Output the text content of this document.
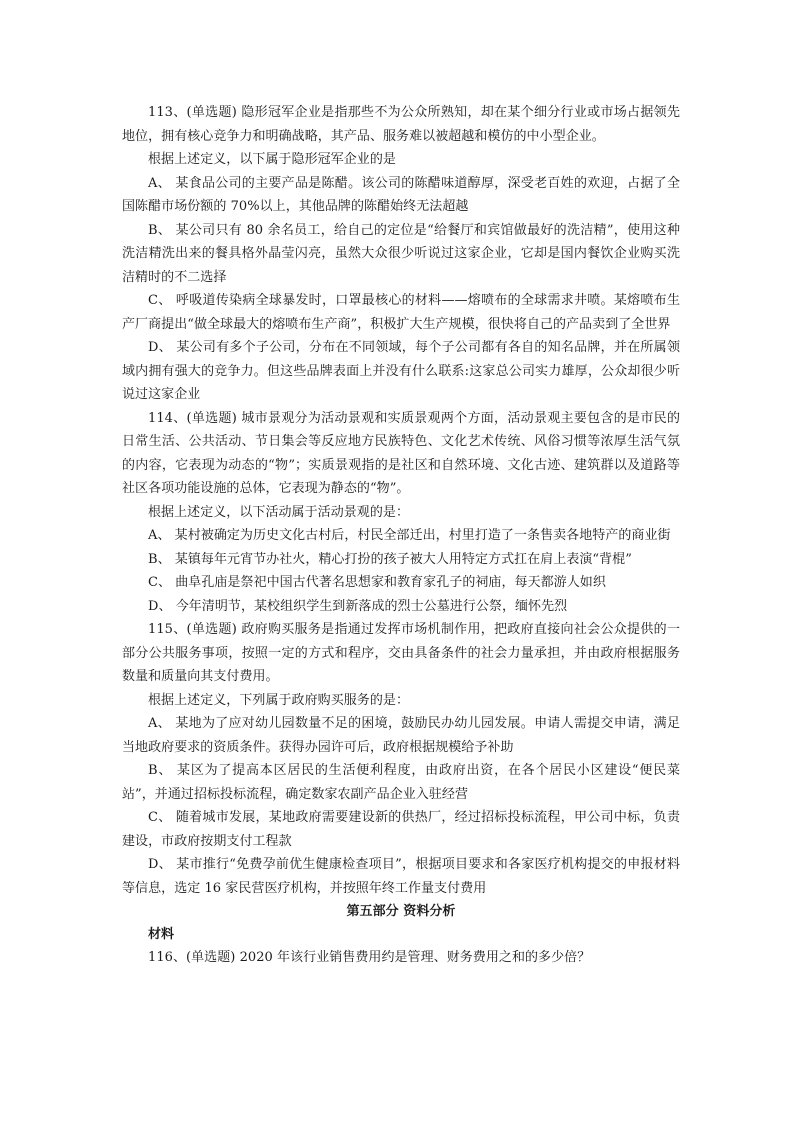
113、(单选题) 隐形冠军企业是指那些不为公众所熟知，却在某个细分行业或市场占据领先地位，拥有核心竞争力和明确战略，其产品、服务难以被超越和模仿的中小型企业。

根据上述定义，以下属于隐形冠军企业的是

A、 某食品公司的主要产品是陈醋。该公司的陈醋味道醇厚，深受老百姓的欢迎，占据了全国陈醋市场份额的 70%以上，其他品牌的陈醋始终无法超越

B、 某公司只有 80 余名员工，给自己的定位是“给餐厅和宾馆做最好的洗洁精”，使用这种洗洁精洗出来的餐具格外晶莹闪亮，虽然大众很少听说过这家企业，它却是国内餐饮企业购买洗洁精时的不二选择

C、 呼吸道传染病全球暴发时，口罩最核心的材料——熔喷布的全球需求井喷。某熔喷布生产厂商提出“做全球最大的熔喷布生产商”，积极扩大生产规模，很快将自己的产品卖到了全世界

D、 某公司有多个子公司，分布在不同领域，每个子公司都有各自的知名品牌，并在所属领域内拥有强大的竞争力。但这些品牌表面上并没有什么联系:这家总公司实力雄厚，公众却很少听说过这家企业

114、(单选题) 城市景观分为活动景观和实质景观两个方面，活动景观主要包含的是市民的日常生活、公共活动、节日集会等反应地方民族特色、文化艺术传统、风俗习惯等浓厚生活气氛的内容，它表现为动态的“物”；实质景观指的是社区和自然环境、文化古迹、建筑群以及道路等社区各项功能设施的总体，它表现为静态的“物”。

根据上述定义，以下活动属于活动景观的是：

A、 某村被确定为历史文化古村后，村民全部迁出，村里打造了一条售卖各地特产的商业街

B、 某镇每年元宵节办社火，精心打扮的孩子被大人用特定方式扛在肩上表演“背棍”

C、 曲阜孔庙是祭祀中国古代著名思想家和教育家孔子的祠庙，每天都游人如织

D、 今年清明节，某校组织学生到新落成的烈士公墓进行公祭，缅怀先烈

115、(单选题) 政府购买服务是指通过发挥市场机制作用，把政府直接向社会公众提供的一部分公共服务事项，按照一定的方式和程序，交由具备条件的社会力量承担，并由政府根据服务数量和质量向其支付费用。

根据上述定义，下列属于政府购买服务的是：

A、 某地为了应对幼儿园数量不足的困境，鼓励民办幼儿园发展。申请人需提交申请，满足当地政府要求的资质条件。获得办园许可后，政府根据规模给予补助

B、 某区为了提高本区居民的生活便利程度，由政府出资，在各个居民小区建设“便民菜站”，并通过招标投标流程，确定数家农副产品企业入驻经营

C、 随着城市发展，某地政府需要建设新的供热厂，经过招标投标流程，甲公司中标，负责建设，市政府按期支付工程款

D、 某市推行“免费孕前优生健康检查项目”，根据项目要求和各家医疗机构提交的申报材料等信息，选定 16 家民营医疗机构，并按照年终工作量支付费用

第五部分 资料分析

材料

116、(单选题) 2020 年该行业销售费用约是管理、财务费用之和的多少倍？
